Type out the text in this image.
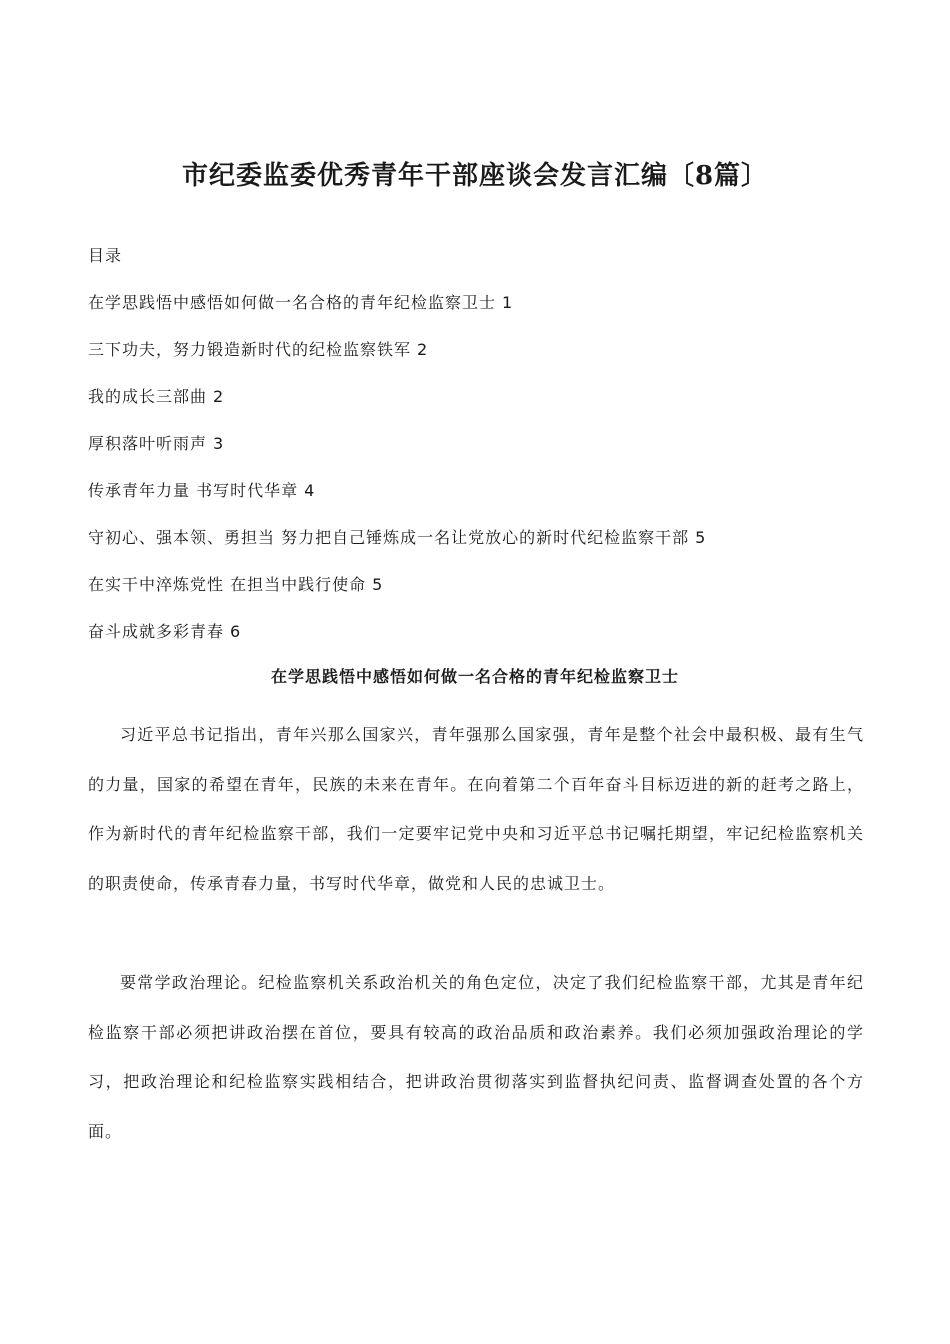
市纪委监委优秀青年干部座谈会发言汇编〔8篇〕
目录
在学思践悟中感悟如何做一名合格的青年纪检监察卫士 1
三下功夫，努力锻造新时代的纪检监察铁军 2
我的成长三部曲 2
厚积落叶听雨声 3
传承青年力量 书写时代华章 4
守初心、强本领、勇担当 努力把自己锤炼成一名让党放心的新时代纪检监察干部 5
在实干中淬炼党性 在担当中践行使命 5
奋斗成就多彩青春 6
在学思践悟中感悟如何做一名合格的青年纪检监察卫士

习近平总书记指出，青年兴那么国家兴，青年强那么国家强，青年是整个社会中最积极、最有生气的力量，国家的希望在青年，民族的未来在青年。在向着第二个百年奋斗目标迈进的新的赶考之路上，作为新时代的青年纪检监察干部，我们一定要牢记党中央和习近平总书记嘱托期望，牢记纪检监察机关的职责使命，传承青春力量，书写时代华章，做党和人民的忠诚卫士。

要常学政治理论。纪检监察机关系政治机关的角色定位，决定了我们纪检监察干部，尤其是青年纪检监察干部必须把讲政治摆在首位，要具有较高的政治品质和政治素养。我们必须加强政治理论的学习，把政治理论和纪检监察实践相结合，把讲政治贯彻落实到监督执纪问责、监督调查处置的各个方面。
